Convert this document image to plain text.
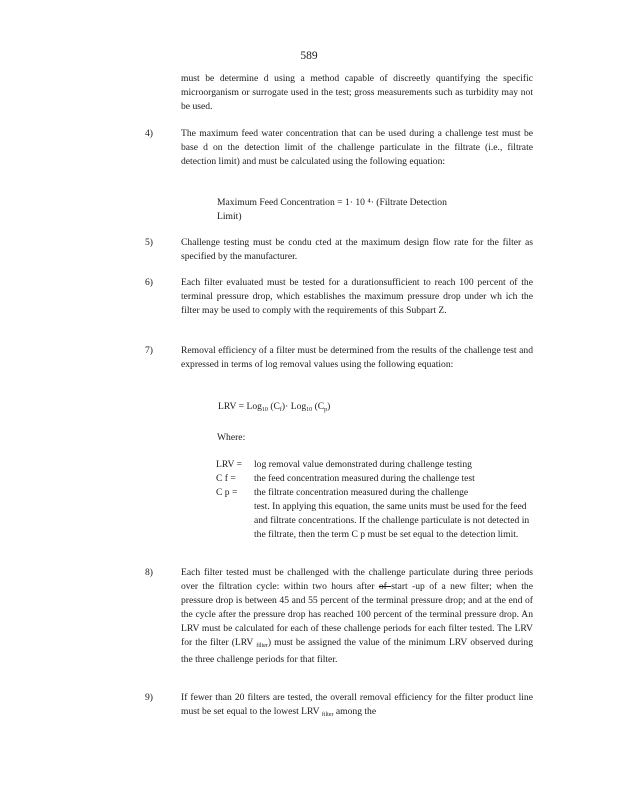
589
must be determine d using a method capable of discreetly quantifying the specific microorganism or surrogate used in the test; gross measurements such as turbidity may not be used.
4)	The maximum feed water concentration that can be used during a challenge test must be base d on the detection limit of the challenge particulate in the filtrate (i.e., filtrate detection limit) and must be calculated using the following equation:
Maximum Feed Concentration = 1· 10 ⁴· (Filtrate Detection
Limit)
5)	Challenge testing must be condu cted at the maximum design flow rate for the filter as specified by the manufacturer.
6)	Each filter evaluated must be tested for a durationsufficient to reach 100 percent of the terminal pressure drop, which establishes the maximum pressure drop under wh ich the filter may be used to comply with the requirements of this Subpart Z.
7)	Removal efficiency of a filter must be determined from the results of the challenge test and expressed in terms of log removal values using the following equation:
LRV = Log$_{10}$ $(C_f)\cdot Log_{10}$ $(C_p)$
Where:
LRV = log removal value demonstrated during challenge testing
C f = the feed concentration measured during the challenge test
C p = the filtrate concentration measured during the challenge
test. In applying this equation, the same units must be used for the feed and filtrate concentrations. If the challenge particulate is not detected in the filtrate, then the term C p must be set equal to the detection limit.
8)	Each filter tested must be challenged with the challenge particulate during three periods over the filtration cycle: within two hours after of start -up of a new filter; when the pressure drop is between 45 and 55 percent of the terminal pressure drop; and at the end of the cycle after the pressure drop has reached 100 percent of the terminal pressure drop. An LRV must be calculated for each of these challenge periods for each filter tested. The LRV for the filter (LRV $_{filter}$) must be assigned the value of the minimum LRV observed during the three challenge periods for that filter.
9)	If fewer than 20 filters are tested, the overall removal efficiency for the filter product line must be set equal to the lowest LRV $_{filter}$ among the
